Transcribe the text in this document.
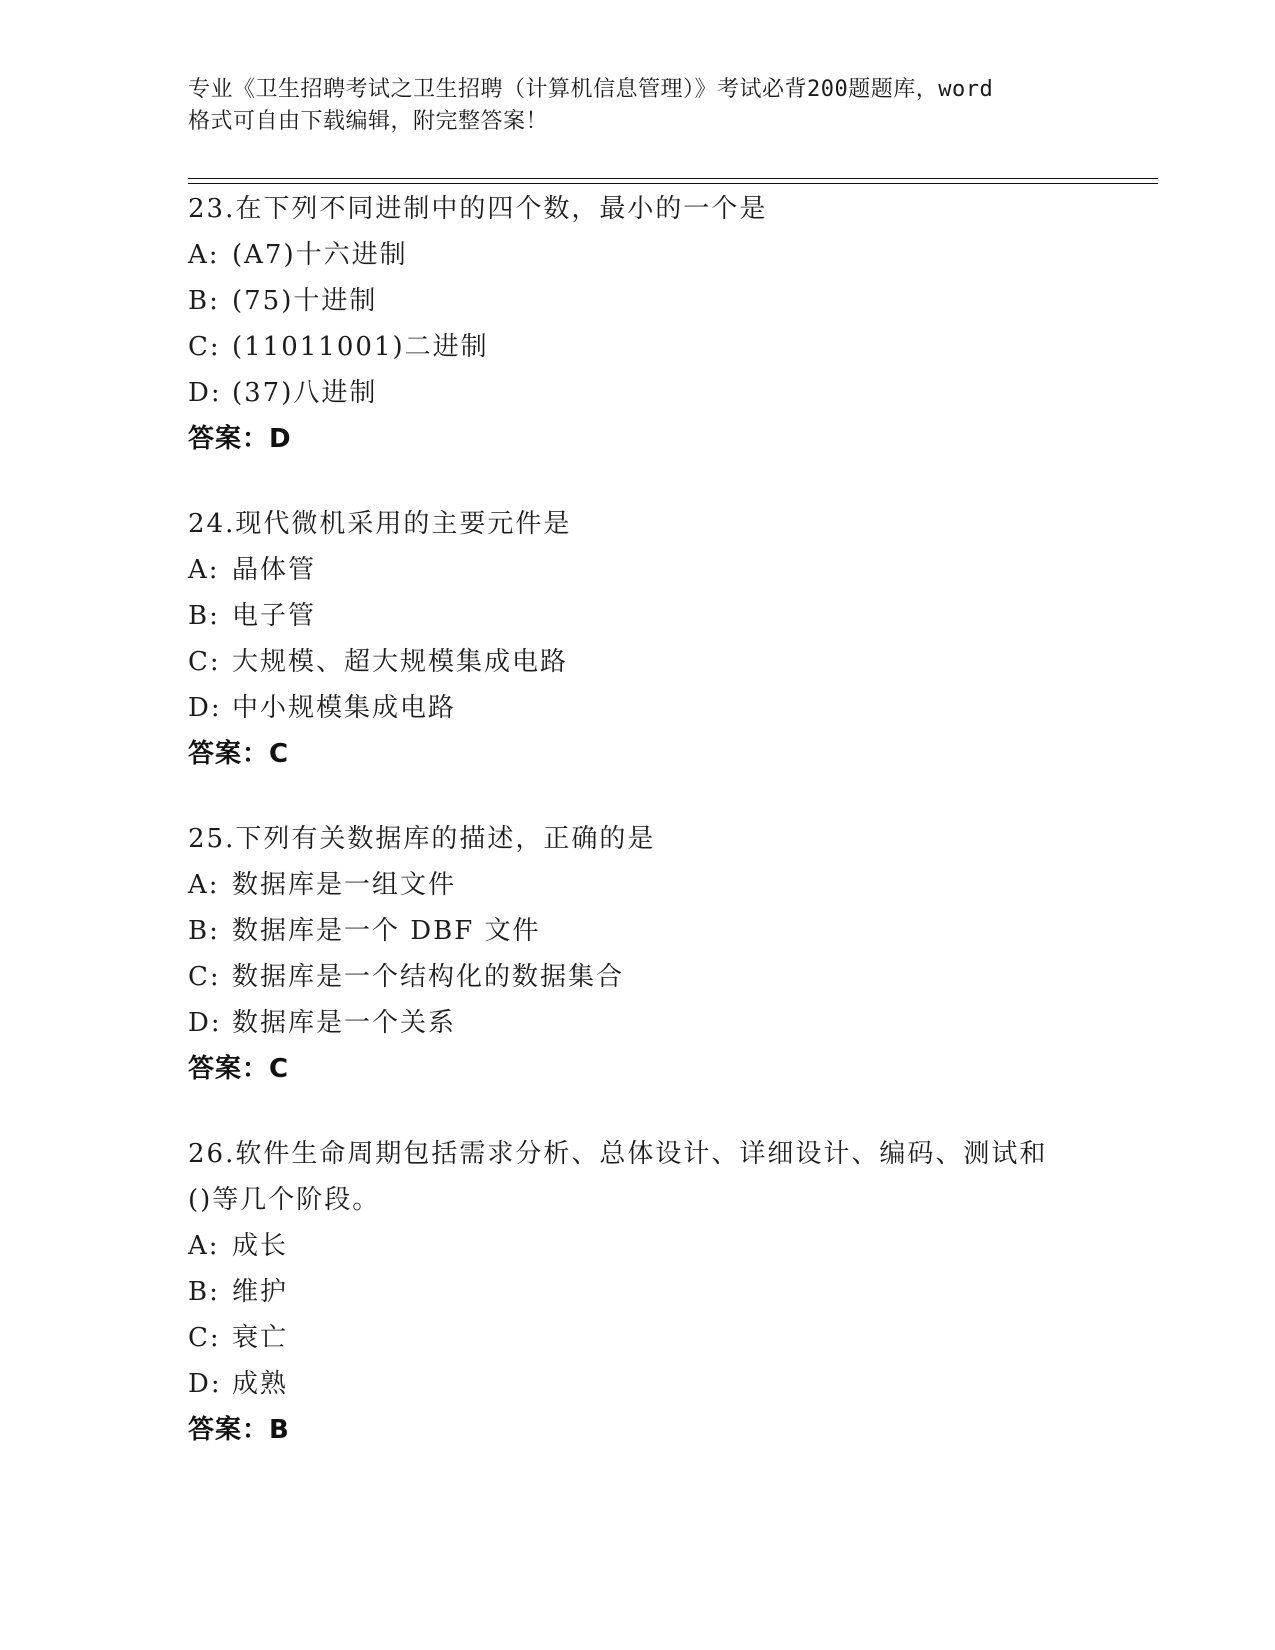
专业《卫生招聘考试之卫生招聘（计算机信息管理）》考试必背200题题库，word
格式可自由下载编辑，附完整答案！
23.在下列不同进制中的四个数，最小的一个是
A: (A7)十六进制
B: (75)十进制
C: (11011001)二进制
D: (37)八进制
答案：D
24.现代微机采用的主要元件是
A: 晶体管
B: 电子管
C: 大规模、超大规模集成电路
D: 中小规模集成电路
答案：C
25.下列有关数据库的描述，正确的是
A: 数据库是一组文件
B: 数据库是一个 DBF 文件
C: 数据库是一个结构化的数据集合
D: 数据库是一个关系
答案：C
26.软件生命周期包括需求分析、总体设计、详细设计、编码、测试和
()等几个阶段。
A: 成长
B: 维护
C: 衰亡
D: 成熟
答案：B
